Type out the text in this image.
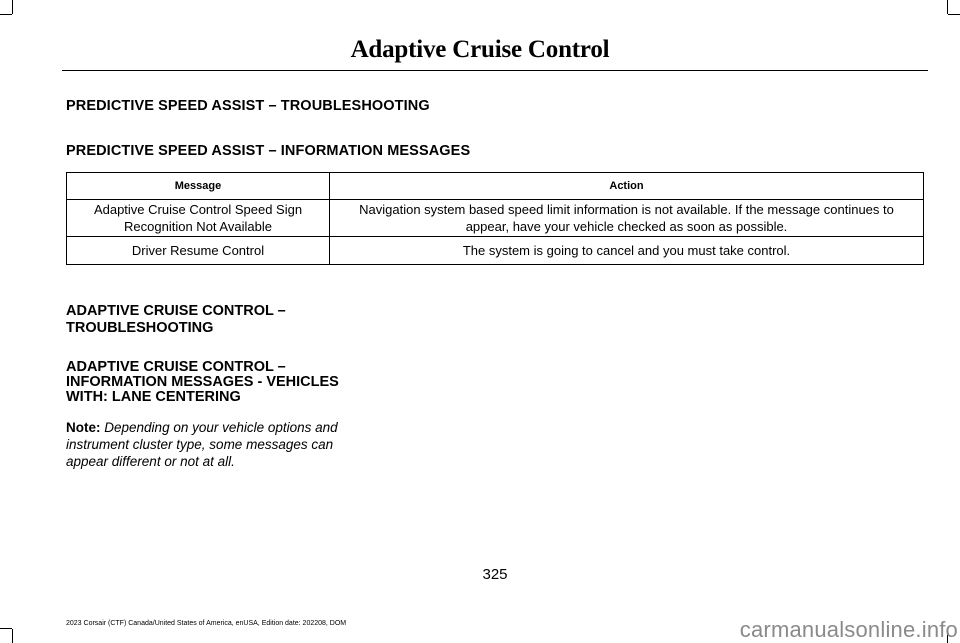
Adaptive Cruise Control
PREDICTIVE SPEED ASSIST – TROUBLESHOOTING
PREDICTIVE SPEED ASSIST – INFORMATION MESSAGES
Message	Action
Adaptive Cruise Control Speed Sign Recognition Not Available	Navigation system based speed limit information is not available. If the message continues to appear, have your vehicle checked as soon as possible.
Driver Resume Control	The system is going to cancel and you must take control.
ADAPTIVE CRUISE CONTROL –
TROUBLESHOOTING
ADAPTIVE CRUISE CONTROL –
INFORMATION MESSAGES - VEHICLES
WITH: LANE CENTERING
Note: Depending on your vehicle options and instrument cluster type, some messages can appear different or not at all.
325
2023 Corsair (CTF) Canada/United States of America, enUSA, Edition date: 202208, DOM	carmanualsonline.info
